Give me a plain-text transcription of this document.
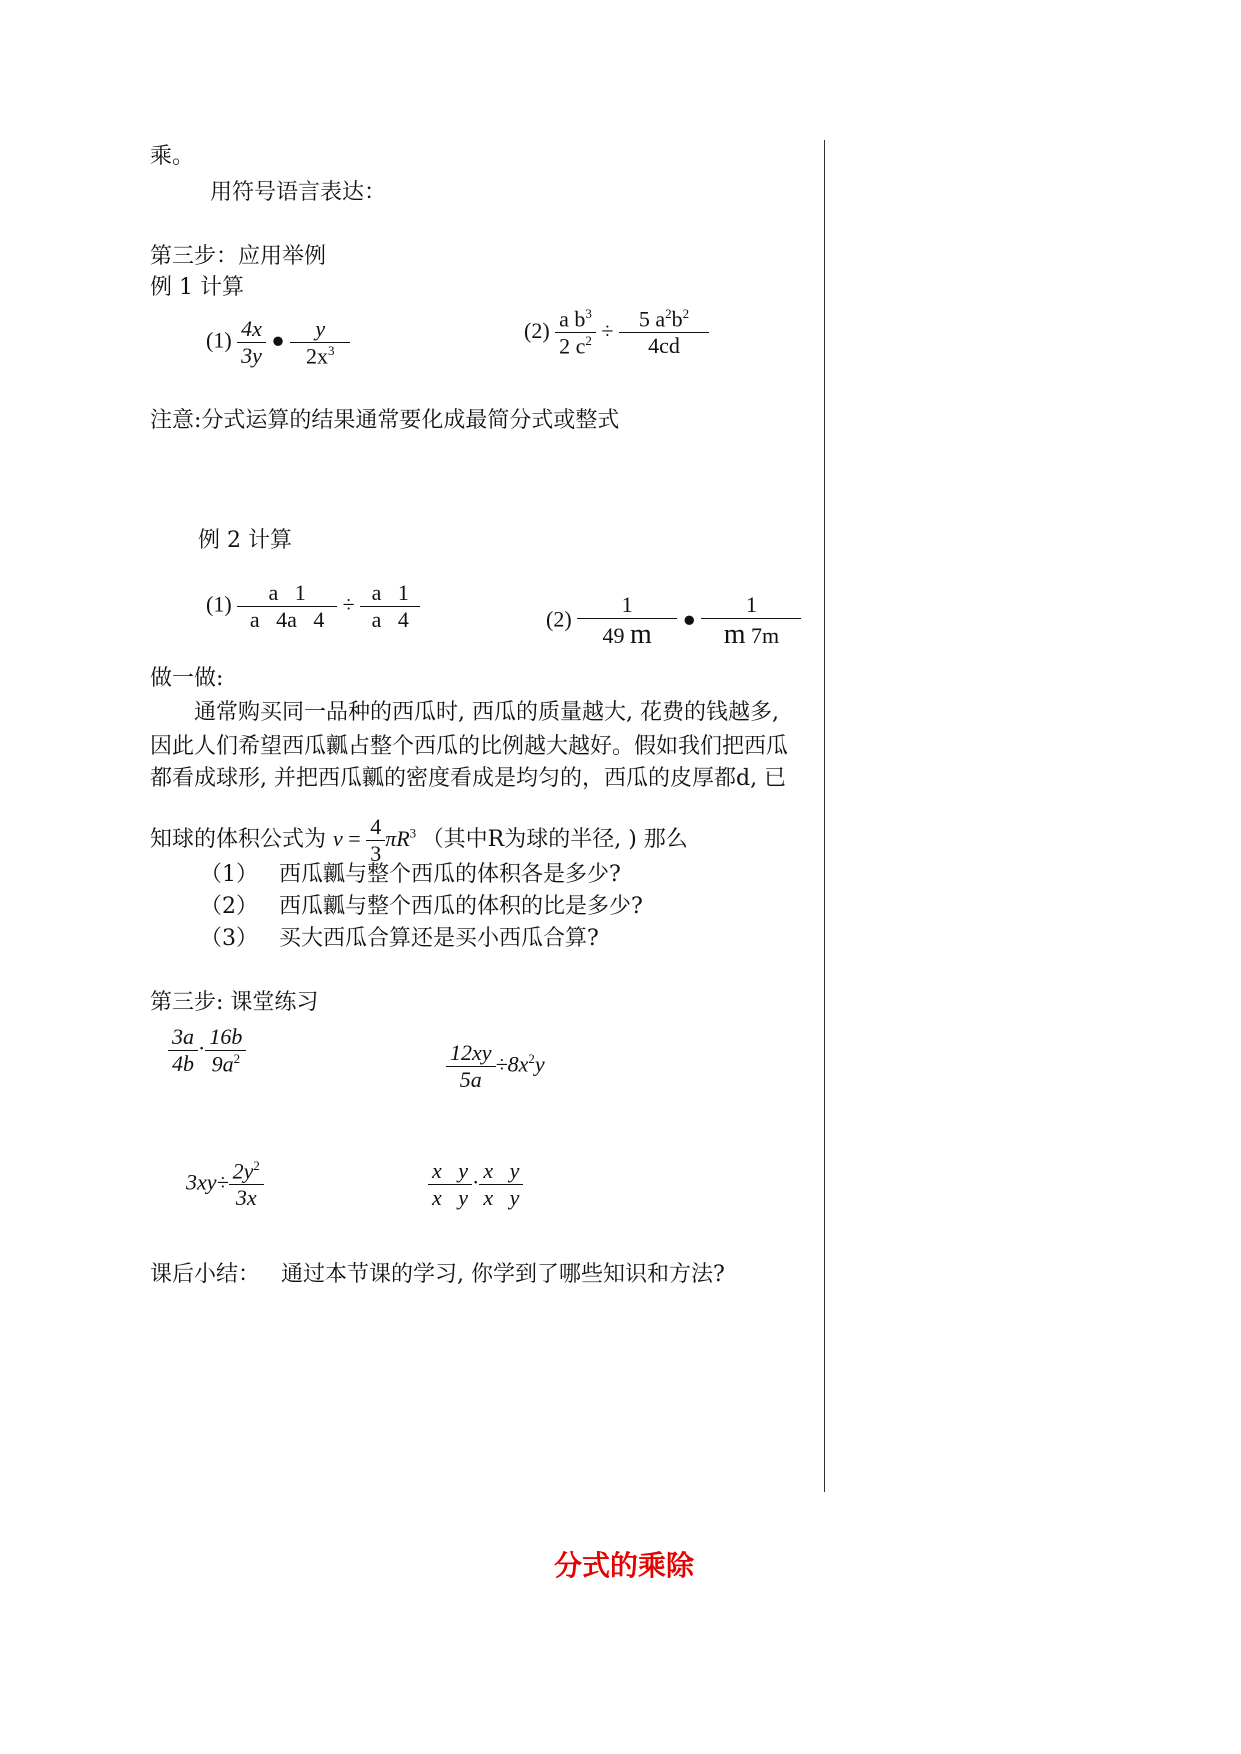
乘。
用符号语言表达：
第三步：应用举例
例 1 计算
$(1) \frac{4x}{3y}$ ● $\frac{y}{2x^3}$	$(2) \frac{a b^3}{2 c^2} \div \frac{5 a^2b^2}{4cd}$
注意:分式运算的结果通常要化成最简分式或整式
例 2 计算
$(1) \frac{a 1}{a 4a 4} \div \frac{a 1}{a 4}$	$(2) \frac{1}{49 m}$ ● $\frac{1}{m 7m}$
做一做:
通常购买同一品种的西瓜时, 西瓜的质量越大, 花费的钱越多,
因此人们希望西瓜瓤占整个西瓜的比例越大越好。假如我们把西瓜
都看成球形, 并把西瓜瓤的密度看成是均匀的，西瓜的皮厚都d, 已
知球的体积公式为 $v = \frac{4}{3} \pi R^3$ （其中R为球的半径, ) 那么
（1） 西瓜瓤与整个西瓜的体积各是多少?
（2） 西瓜瓤与整个西瓜的体积的比是多少?
（3） 买大西瓜合算还是买小西瓜合算?
第三步: 课堂练习
$\frac{3a}{4b} \cdot \frac{16b}{9a^2}$	$\frac{12xy}{5a} \div 8x^2y$
$3xy\div \frac{2y^2}{3x}$	$\frac{\text{x   y}}{\text{x   y}} \cdot \frac{\text{x   y}}{\text{x   y}}$
课后小结： 通过本节课的学习, 你学到了哪些知识和方法?
分式的乘除
